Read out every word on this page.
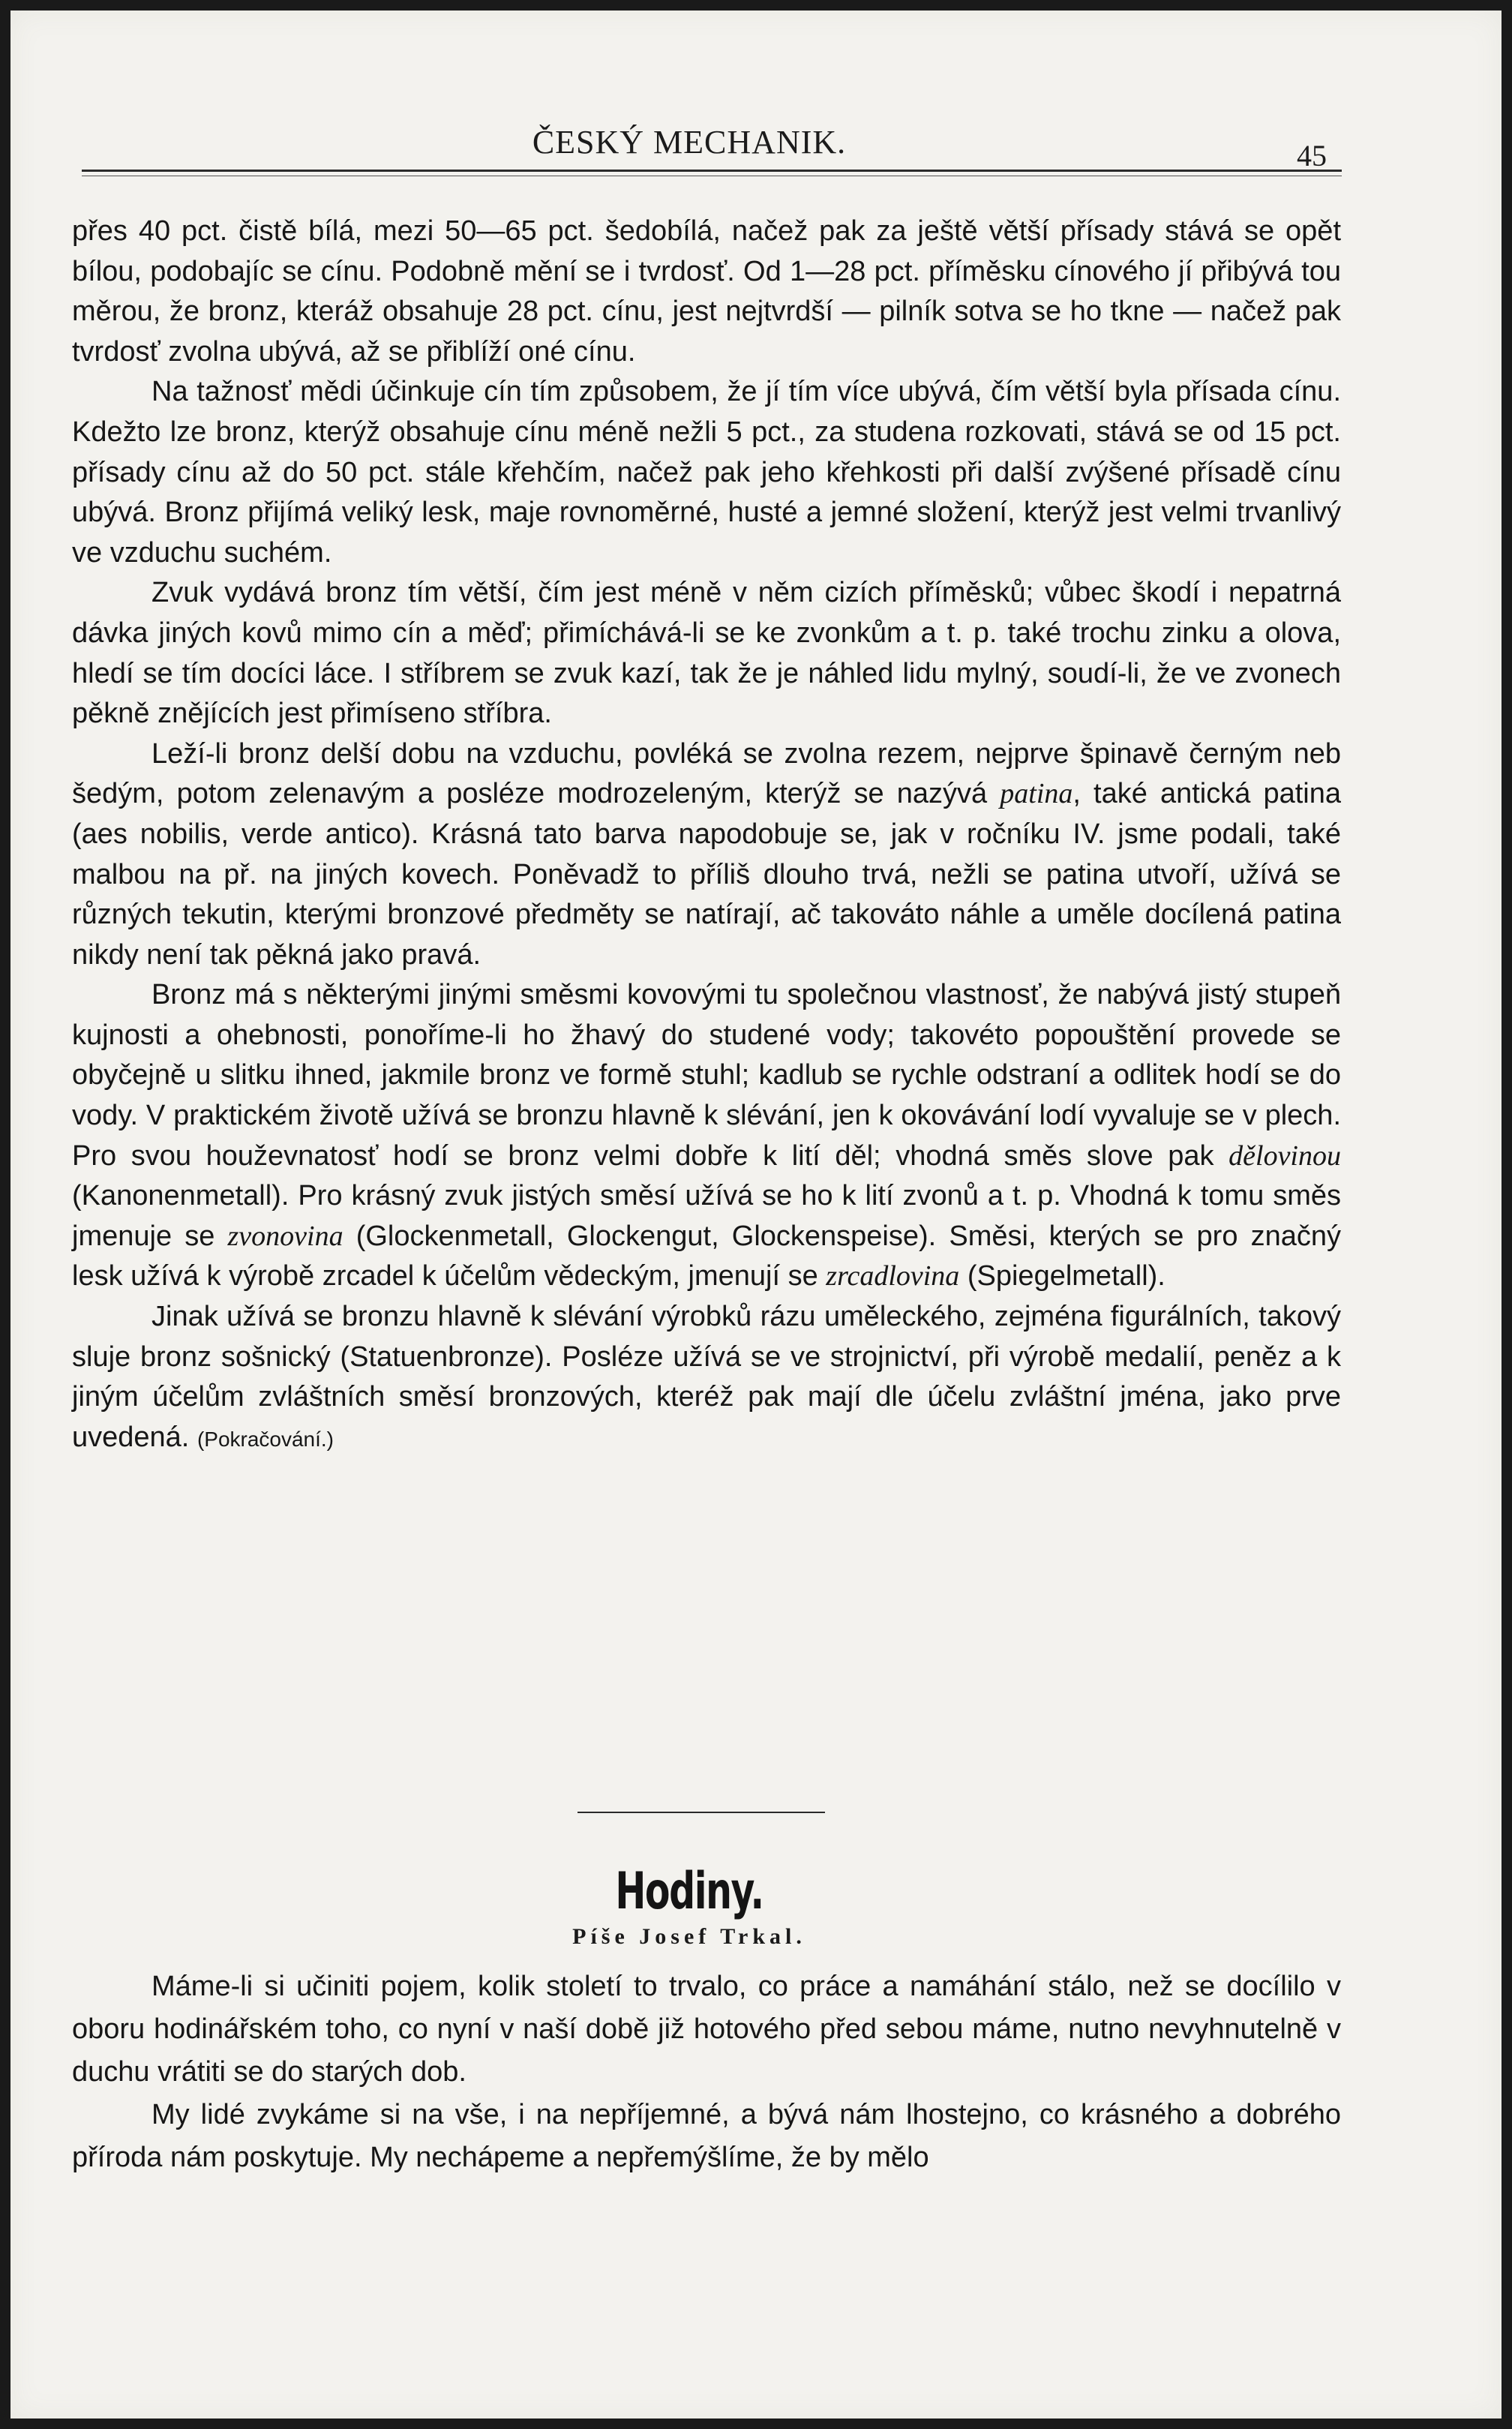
ČESKÝ MECHANIK.	45

přes 40 pct. čistě bílá, mezi 50—65 pct. šedobílá, načež pak za ještě větší přísady stává se opět bílou, podobajíc se cínu. Podobně mění se i tvrdosť. Od 1—28 pct. příměsku cínového jí přibývá tou měrou, že bronz, kteráž obsahuje 28 pct. cínu, jest nejtvrdší — pilník sotva se ho tkne — načež pak tvrdosť zvolna ubývá, až se přiblíží oné cínu.

Na tažnosť mědi účinkuje cín tím způsobem, že jí tím více ubývá, čím větší byla přísada cínu. Kdežto lze bronz, kterýž obsahuje cínu méně nežli 5 pct., za studena rozkovati, stává se od 15 pct. přísady cínu až do 50 pct. stále křehčím, načež pak jeho křehkosti při další zvýšené přísadě cínu ubývá. Bronz přijímá veliký lesk, maje rovnoměrné, husté a jemné složení, kterýž jest velmi trvanlivý ve vzduchu suchém.

Zvuk vydává bronz tím větší, čím jest méně v něm cizích příměsků; vůbec škodí i nepatrná dávka jiných kovů mimo cín a měď; přimíchává-li se ke zvonkům a t. p. také trochu zinku a olova, hledí se tím docíci láce. I stříbrem se zvuk kazí, tak že je náhled lidu mylný, soudí-li, že ve zvonech pěkně znějících jest přimíseno stříbra.

Leží-li bronz delší dobu na vzduchu, povléká se zvolna rezem, nejprve špinavě černým neb šedým, potom zelenavým a posléze modrozeleným, kterýž se nazývá patina, také antická patina (aes nobilis, verde antico). Krásná tato barva napodobuje se, jak v ročníku IV. jsme podali, také malbou na př. na jiných kovech. Poněvadž to příliš dlouho trvá, nežli se patina utvoří, užívá se různých tekutin, kterými bronzové předměty se natírají, ač takováto náhle a uměle docílená patina nikdy není tak pěkná jako pravá.

Bronz má s některými jinými směsmi kovovými tu společnou vlastnosť, že nabývá jistý stupeň kujnosti a ohebnosti, ponoříme-li ho žhavý do studené vody; takovéto popouštění provede se obyčejně u slitku ihned, jakmile bronz ve formě stuhl; kadlub se rychle odstraní a odlitek hodí se do vody. V praktickém životě užívá se bronzu hlavně k slévání, jen k okovávání lodí vyvaluje se v plech. Pro svou houževnatosť hodí se bronz velmi dobře k lití děl; vhodná směs slove pak dělovinou (Kanonenmetall). Pro krásný zvuk jistých směsí užívá se ho k lití zvonů a t. p. Vhodná k tomu směs jmenuje se zvonovina (Glockenmetall, Glockengut, Glockenspeise). Směsi, kterých se pro značný lesk užívá k výrobě zrcadel k účelům vědeckým, jmenují se zrcadlovina (Spiegelmetall).

Jinak užívá se bronzu hlavně k slévání výrobků rázu uměleckého, zejména figurálních, takový sluje bronz sošnický (Statuenbronze). Posléze užívá se ve strojnictví, při výrobě medalií, peněz a k jiným účelům zvláštních směsí bronzových, kteréž pak mají dle účelu zvláštní jména, jako prve uvedená. (Pokračování.)

Hodiny.
Píše Josef Trkal.

Máme-li si učiniti pojem, kolik století to trvalo, co práce a namáhání stálo, než se docílilo v oboru hodinářském toho, co nyní v naší době již hotového před sebou máme, nutno nevyhnutelně v duchu vrátiti se do starých dob.

My lidé zvykáme si na vše, i na nepříjemné, a bývá nám lhostejno, co krásného a dobrého příroda nám poskytuje. My nechápeme a nepřemýšlíme, že by mělo
